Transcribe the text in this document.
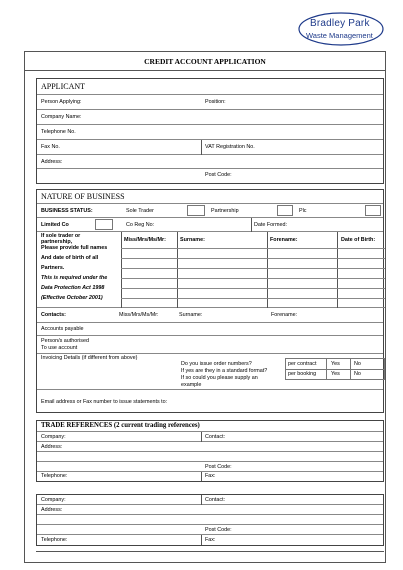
Bradley Park
Waste Management
CREDIT ACCOUNT APPLICATION
APPLICANT
Person Applying:	Position:
Company Name:
Telephone No.
Fax No.	VAT Registration No.
Address:
Post Code:
NATURE OF BUSINESS
BUSINESS STATUS:	Sole Trader	Partnership	Plc
Limited Co	Co Reg No:	Date Formed:
If sole trader or
partnership,
Please provide full names
And date of birth of all
Partners.
This is required under the
Data Protection Act 1998
(Effective October 2001)
Miss/Mrs/Ms/Mr:	Surname:	Forename:	Date of Birth:
Contacts:	Miss/Mrs/Ms/Mr:	Surname:	Forename:
Accounts payable
Person/s authorised
To use account
Invoicing Details (if different from above)
Do you issue order numbers?
If yes are they in a standard format?
If so could you please supply an
example
per contract	Yes	No
per booking	Yes	No
Email address or Fax number to issue statements to:
TRADE REFERENCES (2 current trading references)
Company:	Contact:
Address:
Post Code:
Telephone:	Fax:
Company:	Contact:
Address:
Post Code:
Telephone:	Fax:
